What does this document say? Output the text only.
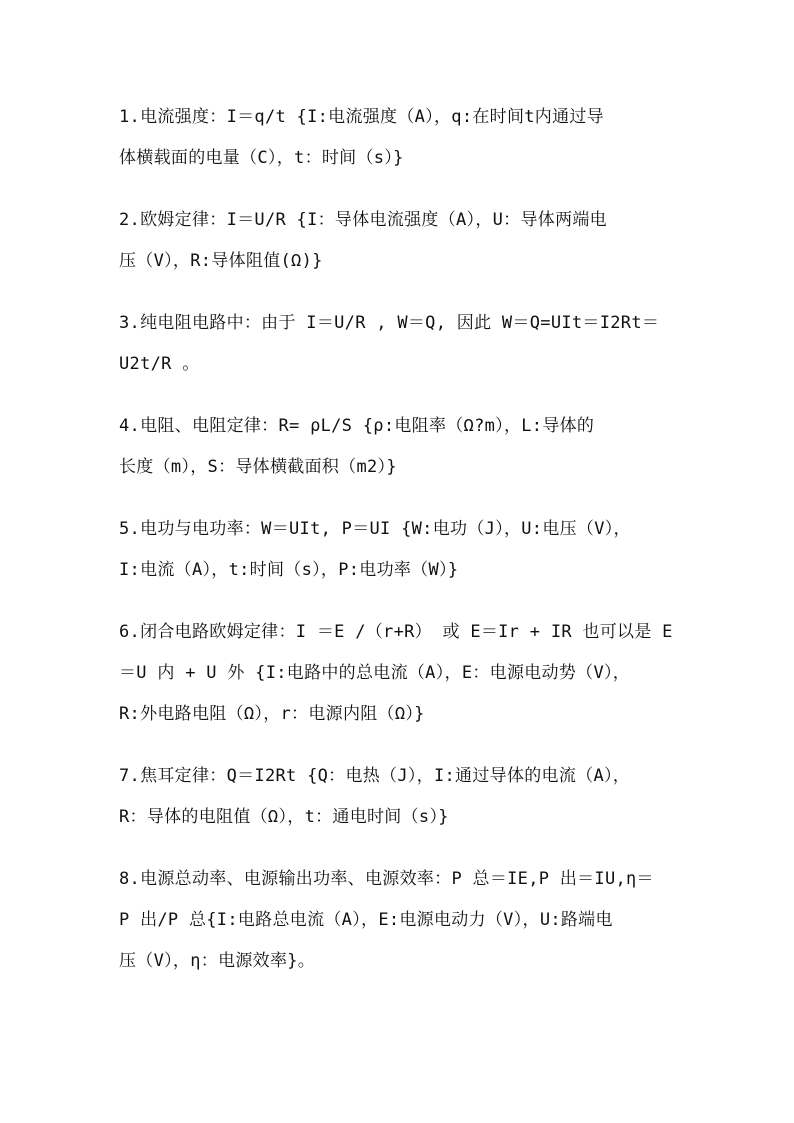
1.电流强度：I＝q/t {I:电流强度（A），q:在时间t内通过导
体横载面的电量（C），t：时间（s）}
2.欧姆定律：I＝U/R {I：导体电流强度（A），U：导体两端电
压（V），R:导体阻值(Ω)}
3.纯电阻电路中：由于 I＝U/R , W＝Q, 因此 W＝Q=UIt＝I2Rt＝
U2t/R 。
4.电阻、电阻定律：R= ρL/S {ρ:电阻率（Ω?m），L:导体的
长度（m），S：导体横截面积（m2）}
5.电功与电功率：W＝UIt, P＝UI {W:电功（J），U:电压（V），
I:电流（A），t:时间（s），P:电功率（W）}
6.闭合电路欧姆定律：I ＝E /（r+R） 或 E＝Ir + IR 也可以是 E
＝U 内 + U 外 {I:电路中的总电流（A），E：电源电动势（V），
R:外电路电阻（Ω），r：电源内阻（Ω）}
7.焦耳定律：Q＝I2Rt {Q：电热（J），I:通过导体的电流（A），
R：导体的电阻值（Ω），t：通电时间（s）}
8.电源总动率、电源输出功率、电源效率：P 总＝IE,P 出＝IU,η＝
P 出/P 总{I:电路总电流（A），E:电源电动力（V），U:路端电
压（V），η：电源效率}。
